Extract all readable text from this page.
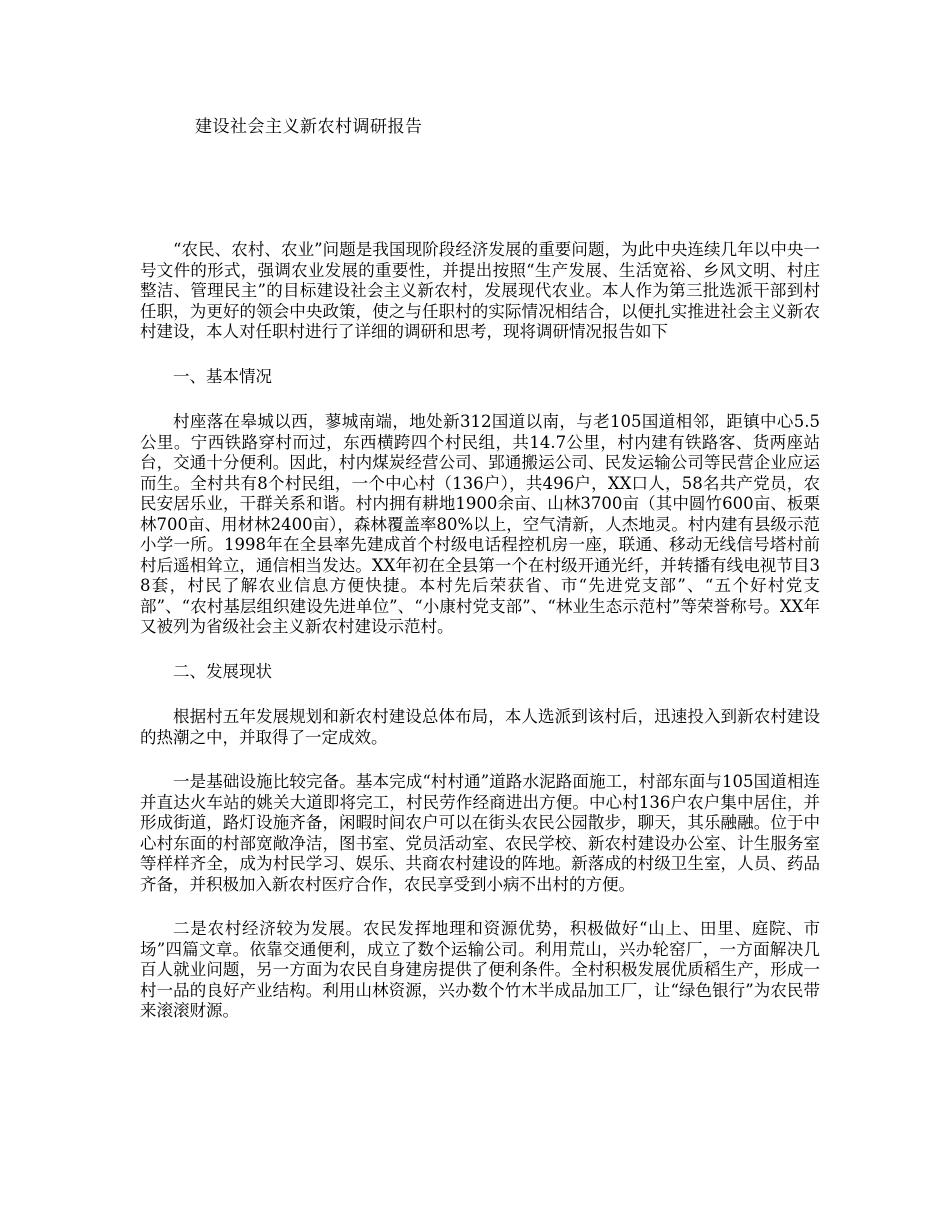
建设社会主义新农村调研报告

“农民、农村、农业”问题是我国现阶段经济发展的重要问题，为此中央连续几年以中央一号文件的形式，强调农业发展的重要性，并提出按照“生产发展、生活宽裕、乡风文明、村庄整洁、管理民主”的目标建设社会主义新农村，发展现代农业。本人作为第三批选派干部到村任职，为更好的领会中央政策，使之与任职村的实际情况相结合，以便扎实推进社会主义新农村建设，本人对任职村进行了详细的调研和思考，现将调研情况报告如下

一、基本情况

村座落在皋城以西，蓼城南端，地处新312国道以南，与老105国道相邻，距镇中心5.5公里。宁西铁路穿村而过，东西横跨四个村民组，共14.7公里，村内建有铁路客、货两座站台，交通十分便利。因此，村内煤炭经营公司、郢通搬运公司、民发运输公司等民营企业应运而生。全村共有8个村民组，一个中心村（136户），共496户，XX口人，58名共产党员，农民安居乐业，干群关系和谐。村内拥有耕地1900余亩、山林3700亩（其中圆竹600亩、板栗林700亩、用材林2400亩），森林覆盖率80%以上，空气清新，人杰地灵。村内建有县级示范小学一所。1998年在全县率先建成首个村级电话程控机房一座，联通、移动无线信号塔村前村后遥相耸立，通信相当发达。XX年初在全县第一个在村级开通光纤，并转播有线电视节目38套，村民了解农业信息方便快捷。本村先后荣获省、市“先进党支部”、“五个好村党支部”、“农村基层组织建设先进单位”、“小康村党支部”、“林业生态示范村”等荣誉称号。XX年又被列为省级社会主义新农村建设示范村。

二、发展现状

根据村五年发展规划和新农村建设总体布局，本人选派到该村后，迅速投入到新农村建设的热潮之中，并取得了一定成效。

一是基础设施比较完备。基本完成“村村通”道路水泥路面施工，村部东面与105国道相连并直达火车站的姚关大道即将完工，村民劳作经商进出方便。中心村136户农户集中居住，并形成街道，路灯设施齐备，闲暇时间农户可以在街头农民公园散步，聊天，其乐融融。位于中心村东面的村部宽敞净洁，图书室、党员活动室、农民学校、新农村建设办公室、计生服务室等样样齐全，成为村民学习、娱乐、共商农村建设的阵地。新落成的村级卫生室，人员、药品齐备，并积极加入新农村医疗合作，农民享受到小病不出村的方便。

二是农村经济较为发展。农民发挥地理和资源优势，积极做好“山上、田里、庭院、市场”四篇文章。依靠交通便利，成立了数个运输公司。利用荒山，兴办轮窑厂，一方面解决几百人就业问题，另一方面为农民自身建房提供了便利条件。全村积极发展优质稻生产，形成一村一品的良好产业结构。利用山林资源，兴办数个竹木半成品加工厂，让“绿色银行”为农民带来滚滚财源。
